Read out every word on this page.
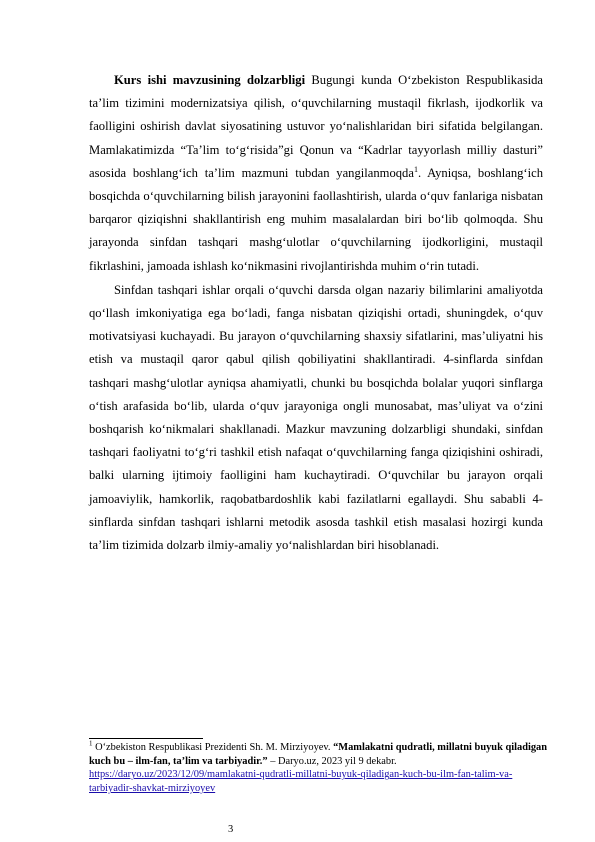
Kurs ishi mavzusining dolzarbligi Bugungi kunda O‘zbekiston Respublikasida ta’lim tizimini modernizatsiya qilish, o‘quvchilarning mustaqil fikrlash, ijodkorlik va faolligini oshirish davlat siyosatining ustuvor yo‘nalishlaridan biri sifatida belgilangan. Mamlakatimizda “Ta’lim to‘g‘risida”gi Qonun va “Kadrlar tayyorlash milliy dasturi” asosida boshlang‘ich ta’lim mazmuni tubdan yangilanmoqda$^1$. Ayniqsa, boshlang‘ich bosqichda o‘quvchilarning bilish jarayonini faollashtirish, ularda o‘quv fanlariga nisbatan barqaror qiziqishni shakllantirish eng muhim masalalardan biri bo‘lib qolmoqda. Shu jarayonda sinfdan tashqari mashg‘ulotlar o‘quvchilarning ijodkorligini, mustaqil fikrlashini, jamoada ishlash ko‘nikmasini rivojlantirishda muhim o‘rin tutadi.

Sinfdan tashqari ishlar orqali o‘quvchi darsda olgan nazariy bilimlarini amaliyotda qo‘llash imkoniyatiga ega bo‘ladi, fanga nisbatan qiziqishi ortadi, shuningdek, o‘quv motivatsiyasi kuchayadi. Bu jarayon o‘quvchilarning shaxsiy sifatlarini, mas’uliyatni his etish va mustaqil qaror qabul qilish qobiliyatini shakllantiradi. 4-sinflarda sinfdan tashqari mashg‘ulotlar ayniqsa ahamiyatli, chunki bu bosqichda bolalar yuqori sinflarga o‘tish arafasida bo‘lib, ularda o‘quv jarayoniga ongli munosabat, mas’uliyat va o‘zini boshqarish ko‘nikmalari shakllanadi. Mazkur mavzuning dolzarbligi shundaki, sinfdan tashqari faoliyatni to‘g‘ri tashkil etish nafaqat o‘quvchilarning fanga qiziqishini oshiradi, balki ularning ijtimoiy faolligini ham kuchaytiradi. O‘quvchilar bu jarayon orqali jamoaviylik, hamkorlik, raqobatbardoshlik kabi fazilatlarni egallaydi. Shu sababli 4-sinflarda sinfdan tashqari ishlarni metodik asosda tashkil etish masalasi hozirgi kunda ta’lim tizimida dolzarb ilmiy-amaliy yo‘nalishlardan biri hisoblanadi.

$^1$ O‘zbekiston Respublikasi Prezidenti Sh. M. Mirziyoyev. “Mamlakatni qudratli, millatni buyuk qiladigan kuch bu – ilm-fan, ta’lim va tarbiyadir.” – Daryo.uz, 2023 yil 9 dekabr.
https://daryo.uz/2023/12/09/mamlakatni-qudratli-millatni-buyuk-qiladigan-kuch-bu-ilm-fan-talim-va-tarbiyadir-shavkat-mirziyoyev

3
